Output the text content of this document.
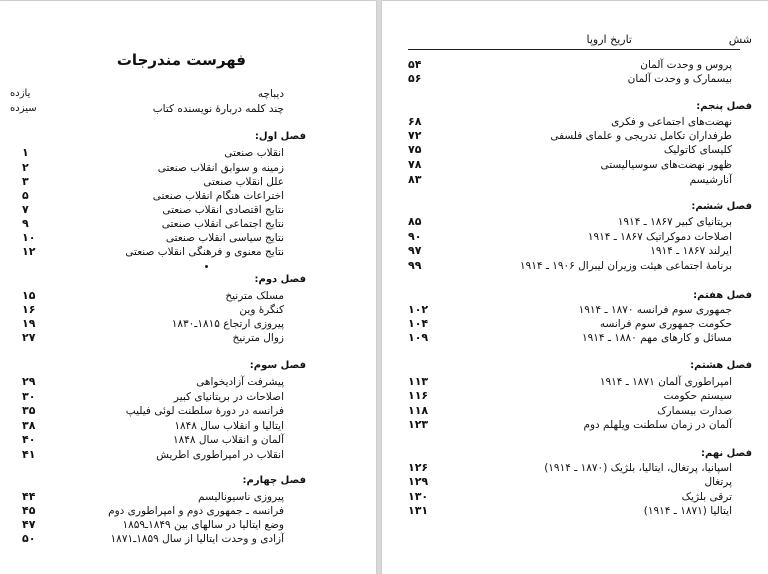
فهرست مندرجات
دیباچه
یازده
چند کلمه دربارهٔ نویسنده کتاب
سیزده
فصل اول:
انقلاب صنعتی
۱
زمینه و سوابق انقلاب صنعتی
۲
علل انقلاب صنعتی
۳
اختراعات هنگام انقلاب صنعتی
۵
نتایج اقتصادی انقلاب صنعتی
۷
نتایج اجتماعی انقلاب صنعتی
۹
نتایج سیاسی انقلاب صنعتی
۱۰
نتایج معنوی و فرهنگی انقلاب صنعتی
۱۲
فصل دوم:
مسلک مترنیخ
۱۵
کنگرهٔ وین
۱۶
پیروزی ارتجاع ۱۸۱۵ـ۱۸۳۰
۱۹
زوال مترنیخ
۲۷
فصل سوم:
پیشرفت آزادیخواهی
۲۹
اصلاحات در بریتانیای کبیر
۳۰
فرانسه در دورهٔ سلطنت لوئی فیلیپ
۳۵
ایتالیا و انقلاب سال ۱۸۴۸
۳۸
آلمان و انقلاب سال ۱۸۴۸
۴۰
انقلاب در امپراطوری اطریش
۴۱
فصل چهارم:
پیروزی ناسیونالیسم
۴۴
فرانسه ـ جمهوری دوم و امپراطوری دوم
۴۵
وضع ایتالیا در سالهای بین ۱۸۴۹ـ۱۸۵۹
۴۷
آزادی و وحدت ایتالیا از سال ۱۸۵۹ـ۱۸۷۱
۵۰
شش
تاریخ اروپا
پروس و وحدت آلمان
۵۴
بیسمارک و وحدت آلمان
۵۶
فصل پنجم:
نهضت‌های اجتماعی و فکری
۶۸
طرفداران تکامل تدریجی و علمای فلسفی
۷۲
کلیسای کاتولیک
۷۵
ظهور نهضت‌های سوسیالیستی
۷۸
آنارشیسم
۸۳
فصل ششم:
بریتانیای کبیر ۱۸۶۷ ـ ۱۹۱۴
۸۵
اصلاحات دموکراتیک ۱۸۶۷ ـ ۱۹۱۴
۹۰
ایرلند ۱۸۶۷ ـ ۱۹۱۴
۹۷
برنامهٔ اجتماعی هیئت وزیران لیبرال ۱۹۰۶ ـ ۱۹۱۴
۹۹
فصل هفتم:
جمهوری سوم فرانسه ۱۸۷۰ ـ ۱۹۱۴
۱۰۲
حکومت جمهوری سوم فرانسه
۱۰۴
مسائل و کارهای مهم ۱۸۸۰ ـ ۱۹۱۴
۱۰۹
فصل هشتم:
امپراطوری آلمان ۱۸۷۱ ـ ۱۹۱۴
۱۱۳
سیستم حکومت
۱۱۶
صدارت بیسمارک
۱۱۸
آلمان در زمان سلطنت ویلهلم دوم
۱۲۳
فصل نهم:
اسپانیا، پرتغال، ایتالیا، بلژیک (۱۸۷۰ ـ ۱۹۱۴)
۱۲۶
پرتغال
۱۲۹
ترقی بلژیک
۱۳۰
ایتالیا (۱۸۷۱ ـ ۱۹۱۴)
۱۳۱
